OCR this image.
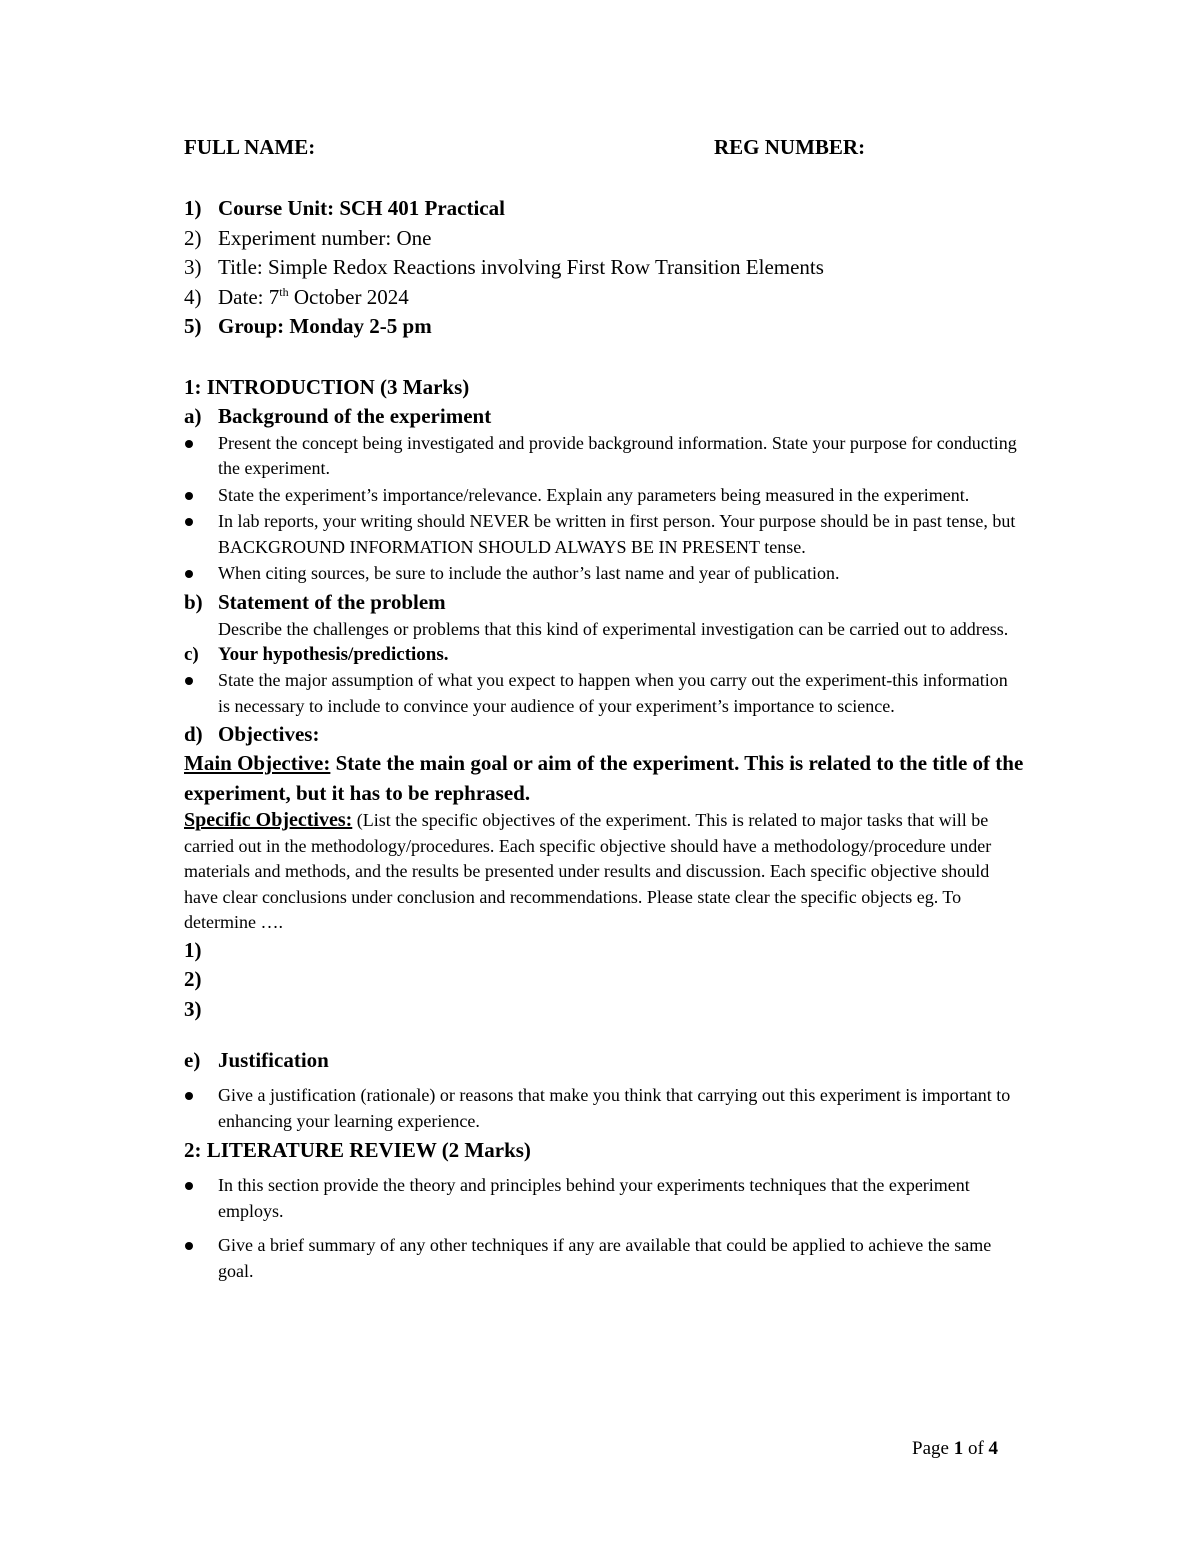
FULL NAME:	REG NUMBER:
1) Course Unit: SCH 401 Practical
2) Experiment number: One
3) Title: Simple Redox Reactions involving First Row Transition Elements
4) Date: 7th October 2024
5) Group: Monday 2-5 pm
1: INTRODUCTION (3 Marks)
a) Background of the experiment
Present the concept being investigated and provide background information. State your purpose for conducting the experiment.
State the experiment’s importance/relevance. Explain any parameters being measured in the experiment.
In lab reports, your writing should NEVER be written in first person. Your purpose should be in past tense, but BACKGROUND INFORMATION SHOULD ALWAYS BE IN PRESENT tense.
When citing sources, be sure to include the author’s last name and year of publication.
b) Statement of the problem
Describe the challenges or problems that this kind of experimental investigation can be carried out to address.
c)	Your hypothesis/predictions.
State the major assumption of what you expect to happen when you carry out the experiment-this information is necessary to include to convince your audience of your experiment’s importance to science.
d) Objectives:
Main Objective: State the main goal or aim of the experiment. This is related to the title of the experiment, but it has to be rephrased.
Specific Objectives: (List the specific objectives of the experiment. This is related to major tasks that will be carried out in the methodology/procedures. Each specific objective should have a methodology/procedure under materials and methods, and the results be presented under results and discussion. Each specific objective should have clear conclusions under conclusion and recommendations. Please state clear the specific objects eg. To determine ….
1)
2)
3)
e) Justification
Give a justification (rationale) or reasons that make you think that carrying out this experiment is important to enhancing your learning experience.
2: LITERATURE REVIEW (2 Marks)
In this section provide the theory and principles behind your experiments techniques that the experiment employs.
Give a brief summary of any other techniques if any are available that could be applied to achieve the same goal.
Page 1 of 4
